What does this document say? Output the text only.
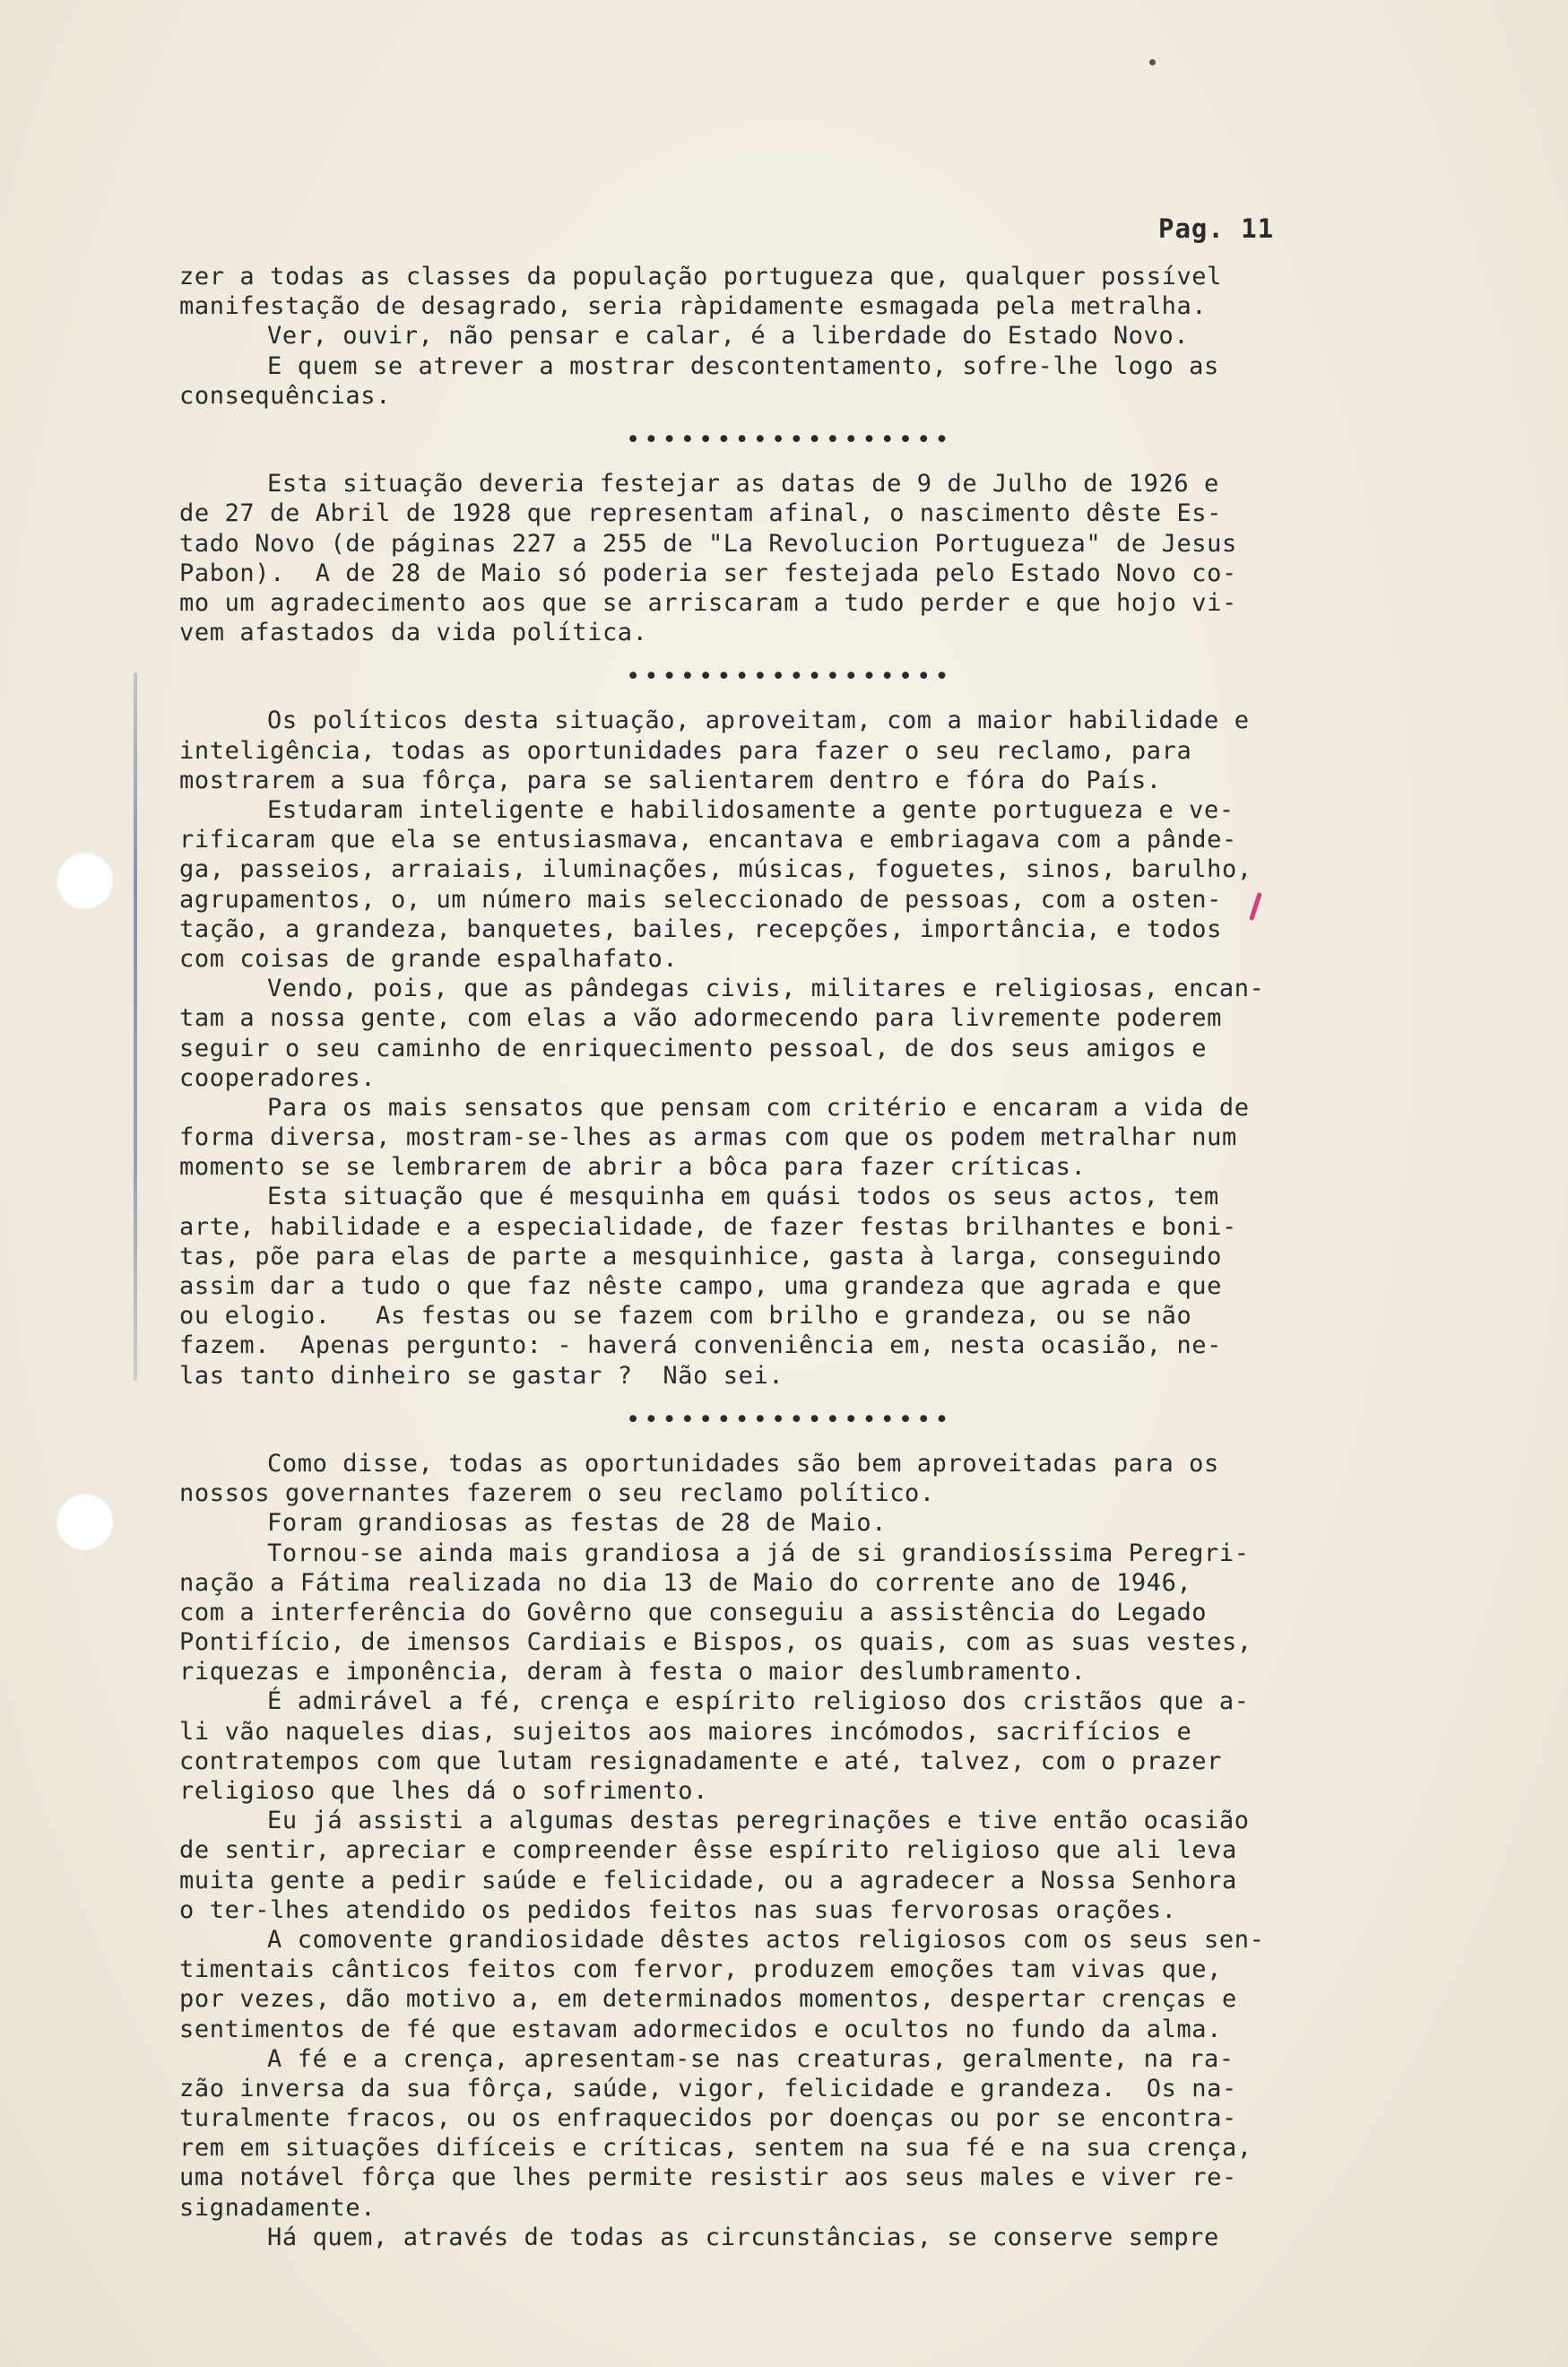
Pag. 11
zer a todas as classes da população portugueza que, qualquer possível
manifestação de desagrado, seria ràpidamente esmagada pela metralha.
Ver, ouvir, não pensar e calar, é a liberdade do Estado Novo.
E quem se atrever a mostrar descontentamento, sofre-lhe logo as
consequências.
••••••••••••••••••
Esta situação deveria festejar as datas de 9 de Julho de 1926 e
de 27 de Abril de 1928 que representam afinal, o nascimento dêste Es-
tado Novo (de páginas 227 a 255 de "La Revolucion Portugueza" de Jesus
Pabon).  A de 28 de Maio só poderia ser festejada pelo Estado Novo co-
mo um agradecimento aos que se arriscaram a tudo perder e que hojo vi-
vem afastados da vida política.
••••••••••••••••••
Os políticos desta situação, aproveitam, com a maior habilidade e
inteligência, todas as oportunidades para fazer o seu reclamo, para
mostrarem a sua fôrça, para se salientarem dentro e fóra do País.
Estudaram inteligente e habilidosamente a gente portugueza e ve-
rificaram que ela se entusiasmava, encantava e embriagava com a pânde-
ga, passeios, arraiais, iluminações, músicas, foguetes, sinos, barulho,
agrupamentos, o, um número mais seleccionado de pessoas, com a osten-
tação, a grandeza, banquetes, bailes, recepções, importância, e todos
com coisas de grande espalhafato.
Vendo, pois, que as pândegas civis, militares e religiosas, encan-
tam a nossa gente, com elas a vão adormecendo para livremente poderem
seguir o seu caminho de enriquecimento pessoal, de dos seus amigos e
cooperadores.
Para os mais sensatos que pensam com critério e encaram a vida de
forma diversa, mostram-se-lhes as armas com que os podem metralhar num
momento se se lembrarem de abrir a bôca para fazer críticas.
Esta situação que é mesquinha em quási todos os seus actos, tem
arte, habilidade e a especialidade, de fazer festas brilhantes e boni-
tas, põe para elas de parte a mesquinhice, gasta à larga, conseguindo
assim dar a tudo o que faz nêste campo, uma grandeza que agrada e que
ou elogio.   As festas ou se fazem com brilho e grandeza, ou se não
fazem.  Apenas pergunto: - haverá conveniência em, nesta ocasião, ne-
las tanto dinheiro se gastar ?  Não sei.
••••••••••••••••••
Como disse, todas as oportunidades são bem aproveitadas para os
nossos governantes fazerem o seu reclamo político.
Foram grandiosas as festas de 28 de Maio.
Tornou-se ainda mais grandiosa a já de si grandiosíssima Peregri-
nação a Fátima realizada no dia 13 de Maio do corrente ano de 1946,
com a interferência do Govêrno que conseguiu a assistência do Legado
Pontifício, de imensos Cardiais e Bispos, os quais, com as suas vestes,
riquezas e imponência, deram à festa o maior deslumbramento.
É admirável a fé, crença e espírito religioso dos cristãos que a-
li vão naqueles dias, sujeitos aos maiores incómodos, sacrifícios e
contratempos com que lutam resignadamente e até, talvez, com o prazer
religioso que lhes dá o sofrimento.
Eu já assisti a algumas destas peregrinações e tive então ocasião
de sentir, apreciar e compreender êsse espírito religioso que ali leva
muita gente a pedir saúde e felicidade, ou a agradecer a Nossa Senhora
o ter-lhes atendido os pedidos feitos nas suas fervorosas orações.
A comovente grandiosidade dêstes actos religiosos com os seus sen-
timentais cânticos feitos com fervor, produzem emoções tam vivas que,
por vezes, dão motivo a, em determinados momentos, despertar crenças e
sentimentos de fé que estavam adormecidos e ocultos no fundo da alma.
A fé e a crença, apresentam-se nas creaturas, geralmente, na ra-
zão inversa da sua fôrça, saúde, vigor, felicidade e grandeza.  Os na-
turalmente fracos, ou os enfraquecidos por doenças ou por se encontra-
rem em situações difíceis e críticas, sentem na sua fé e na sua crença,
uma notável fôrça que lhes permite resistir aos seus males e viver re-
signadamente.
Há quem, através de todas as circunstâncias, se conserve sempre
